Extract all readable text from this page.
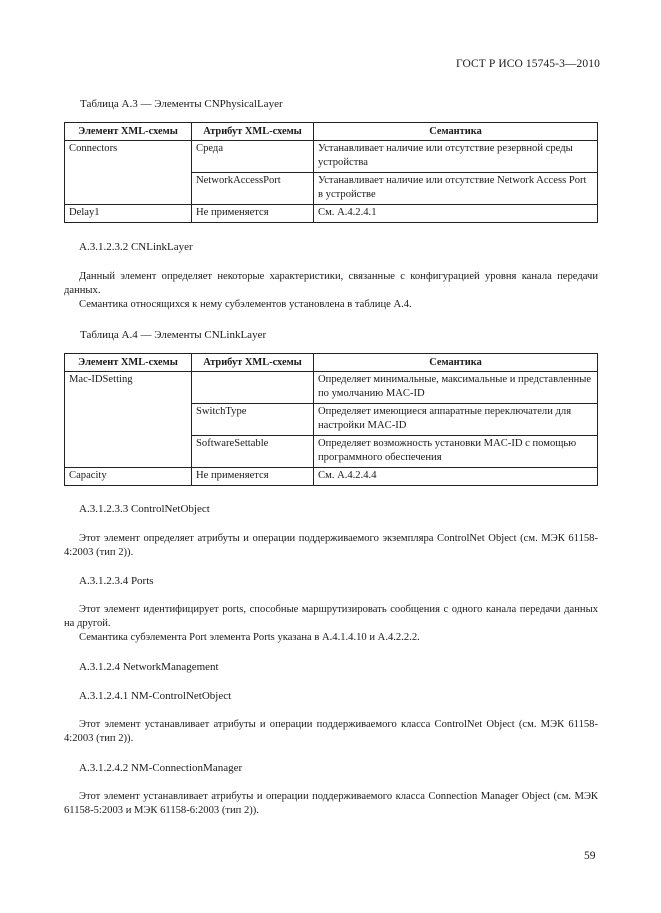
ГОСТ Р ИСО 15745-3—2010
Таблица А.3 — Элементы CNPhysicalLayer
Элемент XML-схемы	Атрибут XML-схемы	Семантика
Connectors	Среда	Устанавливает наличие или отсутствие резервной среды устройства
	NetworkAccessPort	Устанавливает наличие или отсутствие Network Access Port в устройстве
Delay1	Не применяется	См. А.4.2.4.1
А.3.1.2.3.2 CNLinkLayer
Данный элемент определяет некоторые характеристики, связанные с конфигурацией уровня канала передачи данных.
Семантика относящихся к нему субэлементов установлена в таблице А.4.
Таблица А.4 — Элементы CNLinkLayer
Элемент XML-схемы	Атрибут XML-схемы	Семантика
Mac-IDSetting		Определяет минимальные, максимальные и представленные по умолчанию MAC-ID
	SwitchType	Определяет имеющиеся аппаратные переключатели для настройки MAC-ID
	SoftwareSettable	Определяет возможность установки MAC-ID с помощью программного обеспечения
Capacity	Не применяется	См. А.4.2.4.4
А.3.1.2.3.3 ControlNetObject
Этот элемент определяет атрибуты и операции поддерживаемого экземпляра ControlNet Object (см. МЭК 61158-4:2003 (тип 2)).
А.3.1.2.3.4 Ports
Этот элемент идентифицирует ports, способные маршрутизировать сообщения с одного канала передачи данных на другой.
Семантика субэлемента Port элемента Ports указана в А.4.1.4.10 и А.4.2.2.2.
А.3.1.2.4 NetworkManagement
А.3.1.2.4.1 NM-ControlNetObject
Этот элемент устанавливает атрибуты и операции поддерживаемого класса ControlNet Object (см. МЭК 61158-4:2003 (тип 2)).
А.3.1.2.4.2 NM-ConnectionManager
Этот элемент устанавливает атрибуты и операции поддерживаемого класса Connection Manager Object (см. МЭК 61158-5:2003 и МЭК 61158-6:2003 (тип 2)).
59
